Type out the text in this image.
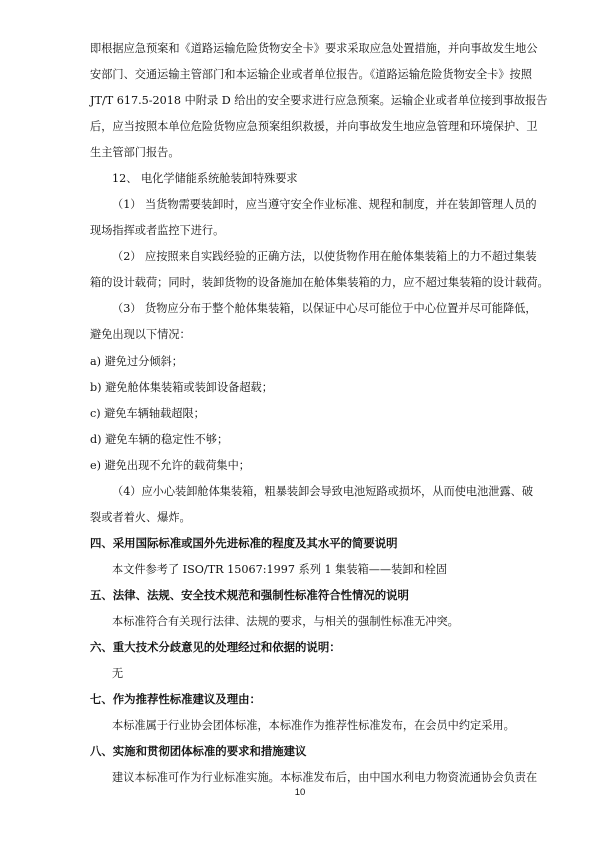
即根据应急预案和《道路运输危险货物安全卡》要求采取应急处置措施，并向事故发生地公
安部门、交通运输主管部门和本运输企业或者单位报告。《道路运输危险货物安全卡》按照
JT/T 617.5-2018 中附录 D 给出的安全要求进行应急预案。运输企业或者单位接到事故报告
后，应当按照本单位危险货物应急预案组织救援，并向事故发生地应急管理和环境保护、卫
生主管部门报告。
12、 电化学储能系统舱装卸特殊要求
（1） 当货物需要装卸时，应当遵守安全作业标准、规程和制度，并在装卸管理人员的
现场指挥或者监控下进行。
（2） 应按照来自实践经验的正确方法，以使货物作用在舱体集装箱上的力不超过集装
箱的设计载荷；同时，装卸货物的设备施加在舱体集装箱的力，应不超过集装箱的设计载荷。
（3） 货物应分布于整个舱体集装箱，以保证中心尽可能位于中心位置并尽可能降低，
避免出现以下情况：
a) 避免过分倾斜；
b) 避免舱体集装箱或装卸设备超载；
c) 避免车辆轴载超限；
d) 避免车辆的稳定性不够；
e) 避免出现不允许的载荷集中；
（4）应小心装卸舱体集装箱，粗暴装卸会导致电池短路或损坏，从而使电池泄露、破
裂或者着火、爆炸。
四、采用国际标准或国外先进标准的程度及其水平的简要说明
本文件参考了 ISO/TR 15067:1997 系列 1 集装箱——装卸和栓固
五、法律、法规、安全技术规范和强制性标准符合性情况的说明
本标准符合有关现行法律、法规的要求，与相关的强制性标准无冲突。
六、重大技术分歧意见的处理经过和依据的说明：
无
七、作为推荐性标准建议及理由：
本标准属于行业协会团体标准，本标准作为推荐性标准发布，在会员中约定采用。
八、实施和贯彻团体标准的要求和措施建议
建议本标准可作为行业标准实施。本标准发布后，由中国水利电力物资流通协会负责在
10
